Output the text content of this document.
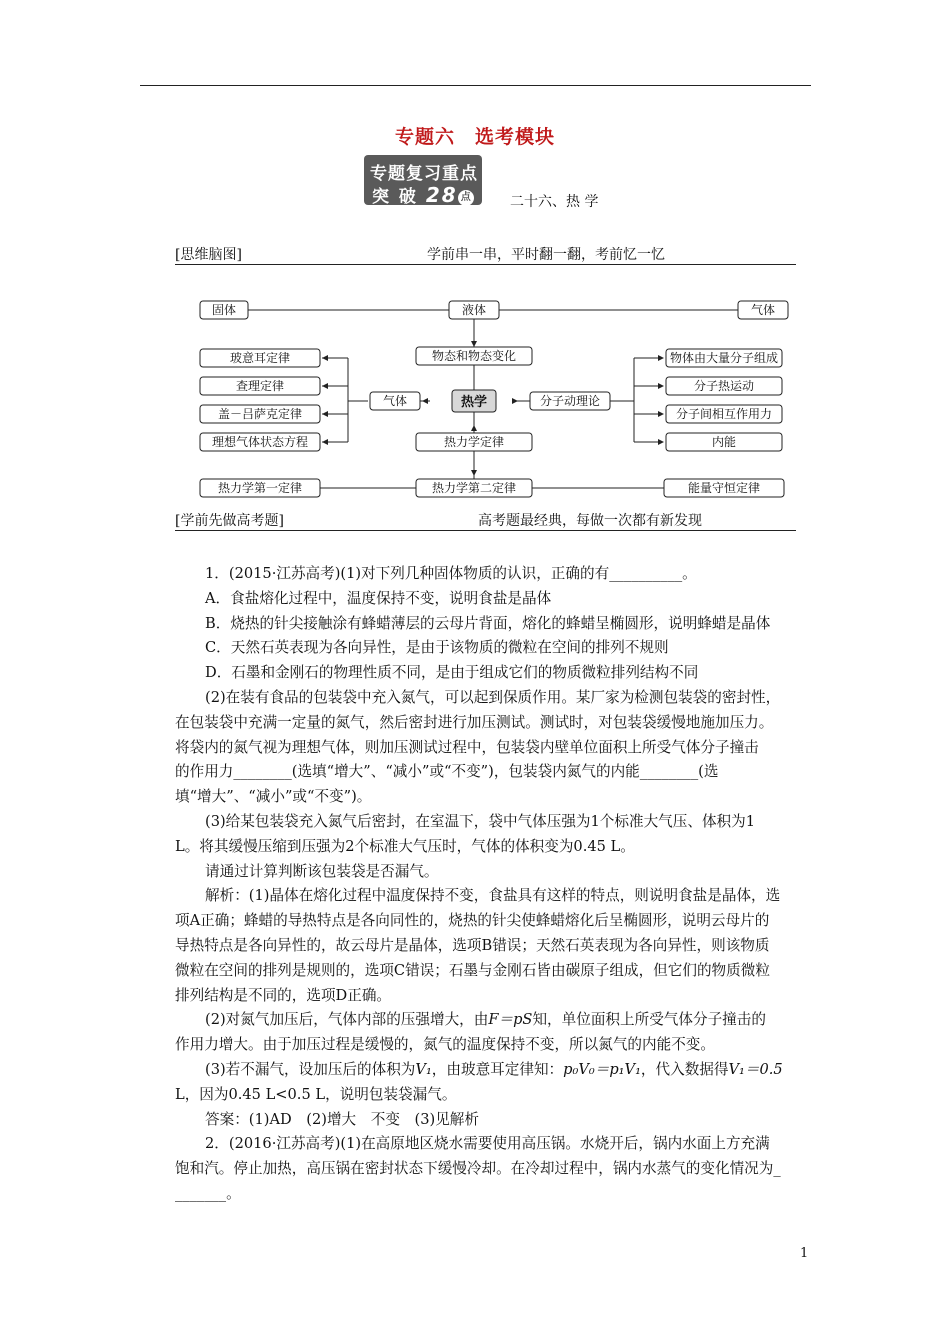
专题六　选考模块
专题复习重点
突 破 28 点	二十六、热 学
[思维脑图]	学前串一串，平时翻一翻，考前忆一忆
固体	液体	气体
物态和物态变化
玻意耳定律
查理定律
盖－吕萨克定律
理想气体状态方程
气体	热学	分子动理论
热力学定律
物体由大量分子组成
分子热运动
分子间相互作用力
内能
热力学第一定律	热力学第二定律	能量守恒定律
[学前先做高考题]	高考题最经典，每做一次都有新发现

1．(2015·江苏高考)(1)对下列几种固体物质的认识，正确的有__________。

A．食盐熔化过程中，温度保持不变，说明食盐是晶体

B．烧热的针尖接触涂有蜂蜡薄层的云母片背面，熔化的蜂蜡呈椭圆形，说明蜂蜡是晶体

C．天然石英表现为各向异性，是由于该物质的微粒在空间的排列不规则

D．石墨和金刚石的物理性质不同，是由于组成它们的物质微粒排列结构不同

(2)在装有食品的包装袋中充入氮气，可以起到保质作用。某厂家为检测包装袋的密封性，

在包装袋中充满一定量的氮气，然后密封进行加压测试。测试时，对包装袋缓慢地施加压力。

将袋内的氮气视为理想气体，则加压测试过程中，包装袋内壁单位面积上所受气体分子撞击

的作用力________(选填“增大”、“减小”或“不变”)，包装袋内氮气的内能________(选

填“增大”、“减小”或“不变”)。

(3)给某包装袋充入氮气后密封，在室温下，袋中气体压强为1个标准大气压、体积为1

L。将其缓慢压缩到压强为2个标准大气压时，气体的体积变为0.45 L。

请通过计算判断该包装袋是否漏气。

解析：(1)晶体在熔化过程中温度保持不变，食盐具有这样的特点，则说明食盐是晶体，选

项A正确；蜂蜡的导热特点是各向同性的，烧热的针尖使蜂蜡熔化后呈椭圆形，说明云母片的

导热特点是各向异性的，故云母片是晶体，选项B错误；天然石英表现为各向异性，则该物质

微粒在空间的排列是规则的，选项C错误；石墨与金刚石皆由碳原子组成，但它们的物质微粒

排列结构是不同的，选项D正确。

(2)对氮气加压后，气体内部的压强增大，由F＝pS知，单位面积上所受气体分子撞击的

作用力增大。由于加压过程是缓慢的，氮气的温度保持不变，所以氮气的内能不变。

(3)若不漏气，设加压后的体积为V₁，由玻意耳定律知：p₀V₀＝p₁V₁，代入数据得V₁＝0.5

L，因为0.45 L<0.5 L，说明包装袋漏气。

答案：(1)AD　(2)增大　不变　(3)见解析

2．(2016·江苏高考)(1)在高原地区烧水需要使用高压锅。水烧开后，锅内水面上方充满

饱和汽。停止加热，高压锅在密封状态下缓慢冷却。在冷却过程中，锅内水蒸气的变化情况为_

_______。

1
